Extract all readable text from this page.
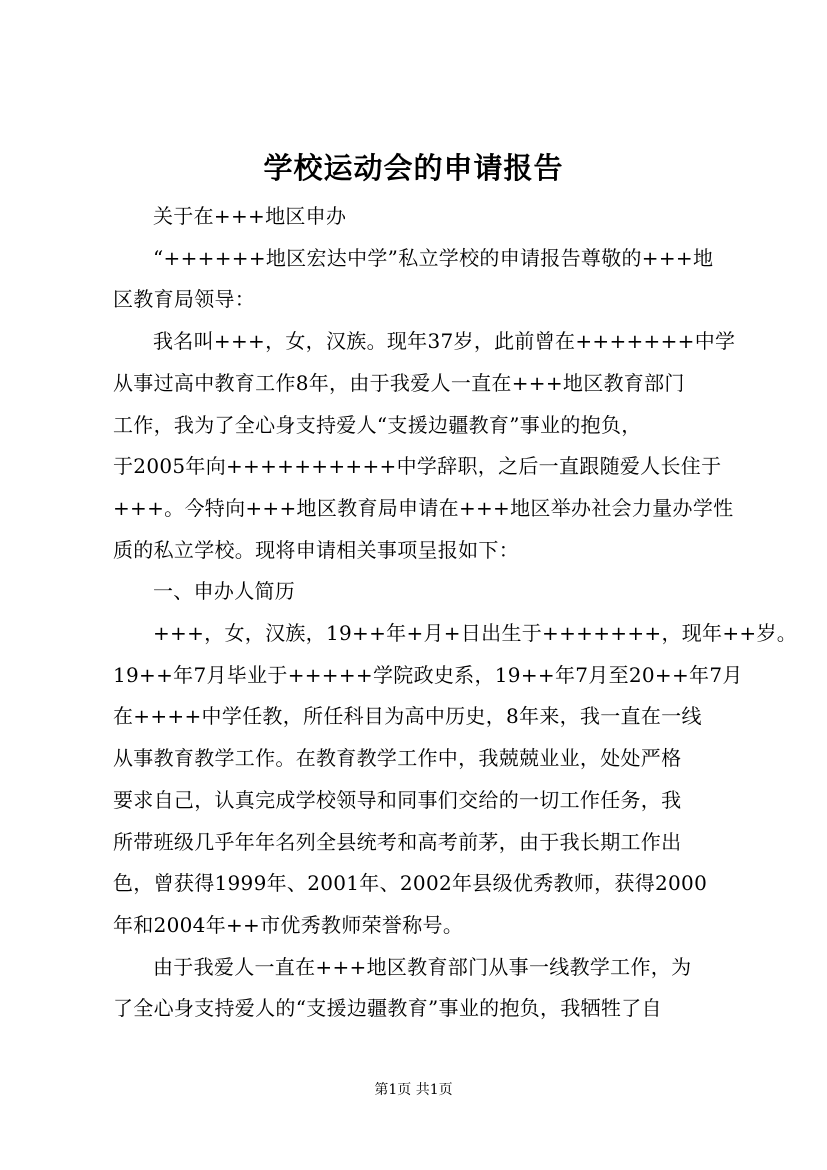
学校运动会的申请报告

关于在+++地区申办

“++++++地区宏达中学”私立学校的申请报告尊敬的+++地

区教育局领导：

我名叫+++，女，汉族。现年37岁，此前曾在+++++++中学

从事过高中教育工作8年，由于我爱人一直在+++地区教育部门

工作，我为了全心身支持爱人“支援边疆教育”事业的抱负，

于2005年向++++++++++中学辞职，之后一直跟随爱人长住于

+++。今特向+++地区教育局申请在+++地区举办社会力量办学性

质的私立学校。现将申请相关事项呈报如下：

一、申办人简历

+++，女，汉族，19++年+月+日出生于+++++++，现年++岁。

19++年7月毕业于+++++学院政史系，19++年7月至20++年7月

在++++中学任教，所任科目为高中历史，8年来，我一直在一线

从事教育教学工作。在教育教学工作中，我兢兢业业，处处严格

要求自己，认真完成学校领导和同事们交给的一切工作任务，我

所带班级几乎年年名列全县统考和高考前茅，由于我长期工作出

色，曾获得1999年、2001年、2002年县级优秀教师，获得2000

年和2004年++市优秀教师荣誉称号。

由于我爱人一直在+++地区教育部门从事一线教学工作，为

了全心身支持爱人的“支援边疆教育”事业的抱负，我牺牲了自

第1页 共1页
